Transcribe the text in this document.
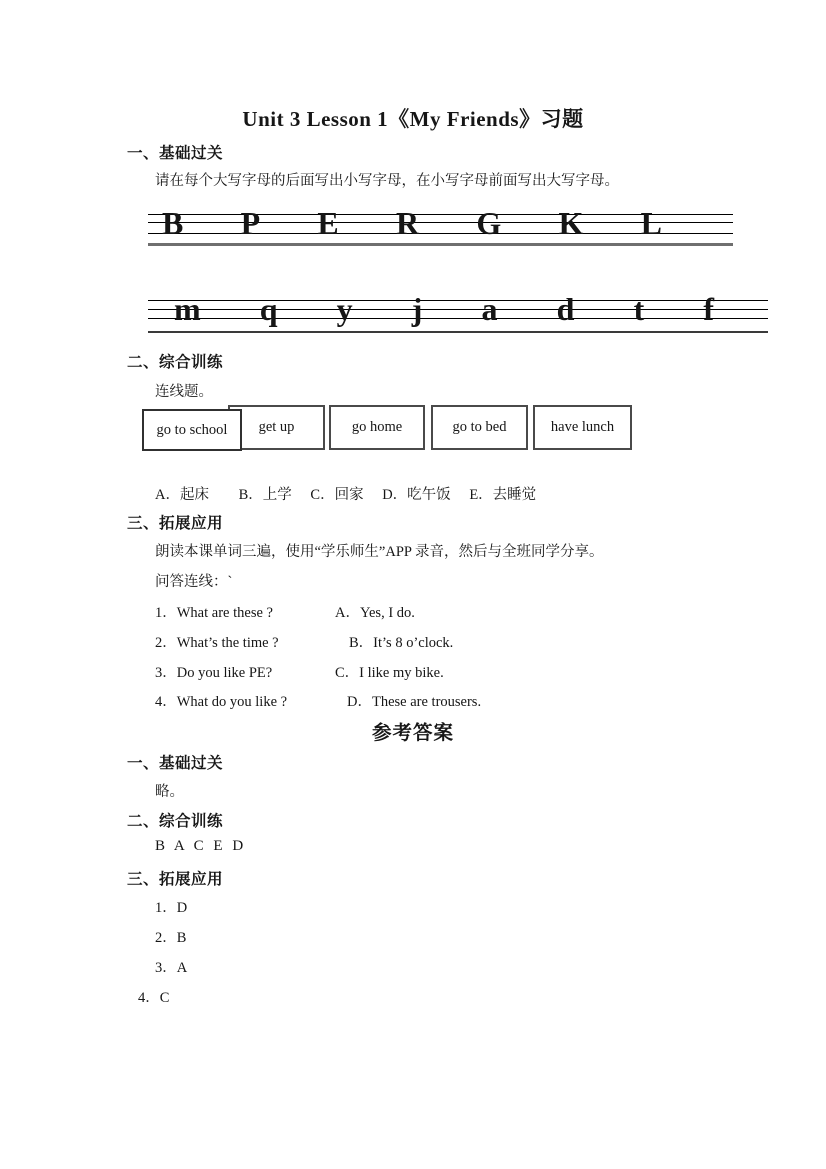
Unit 3 Lesson 1《My Friends》习题
一、基础过关
请在每个大写字母的后面写出小写字母，在小写字母前面写出大写字母。
B P E R G K L
m q y j a d t f
二、综合训练
连线题。
go to school get up	go home	go to bed	have lunch
A．起床 B．上学 C．回家 D．吃午饭 E．去睡觉
三、拓展应用
朗读本课单词三遍，使用“学乐师生”APP 录音，然后与全班同学分享。
问答连线：`
1．What are these ?	A．Yes, I do.
2．What’s the time ?	B．It’s 8 o’clock.
3．Do you like PE?	C．I like my bike.
4．What do you like ?	D．These are trousers.
参考答案
一、基础过关
略。
二、综合训练
B A C E D
三、拓展应用
1．D
2．B
3．A
4．C
